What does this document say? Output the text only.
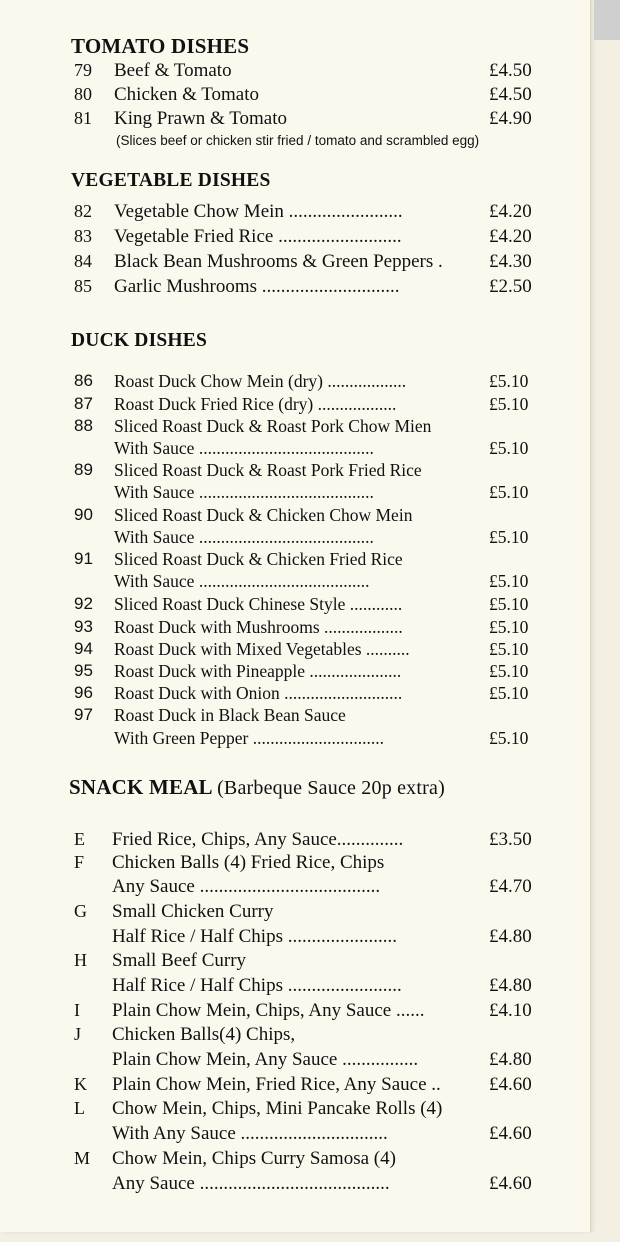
TOMATO DISHES
79 Beef & Tomato	£4.50
80 Chicken & Tomato	£4.50
81 King Prawn & Tomato	£4.90
(Slices beef or chicken stir fried / tomato and scrambled egg)
VEGETABLE DISHES
82 Vegetable Chow Mein ........................	£4.20
83 Vegetable Fried Rice ..........................	£4.20
84 Black Bean Mushrooms & Green Peppers . £4.30
85 Garlic Mushrooms .............................	£2.50
DUCK DISHES
86 Roast Duck Chow Mein (dry) ..................	£5.10
87 Roast Duck Fried Rice (dry) ..................	£5.10
88 Sliced Roast Duck & Roast Pork Chow Mien
With Sauce ........................................	£5.10
89 Sliced Roast Duck & Roast Pork Fried Rice
With Sauce ........................................	£5.10
90 Sliced Roast Duck & Chicken Chow Mein
With Sauce ........................................	£5.10
91 Sliced Roast Duck & Chicken Fried Rice
With Sauce .......................................	£5.10
92 Sliced Roast Duck Chinese Style ............	£5.10
93 Roast Duck with Mushrooms ..................	£5.10
94 Roast Duck with Mixed Vegetables ..........	£5.10
95 Roast Duck with Pineapple .....................	£5.10
96 Roast Duck with Onion ...........................	£5.10
97 Roast Duck in Black Bean Sauce
With Green Pepper ..............................	£5.10
SNACK MEAL (Barbeque Sauce 20p extra)
E Fried Rice, Chips, Any Sauce..............	£3.50
F Chicken Balls (4) Fried Rice, Chips
Any Sauce ......................................	£4.70
G Small Chicken Curry
Half Rice / Half Chips .......................	£4.80
H Small Beef Curry
Half Rice / Half Chips ........................	£4.80
I Plain Chow Mein, Chips, Any Sauce ......	£4.10
J Chicken Balls(4) Chips,
Plain Chow Mein, Any Sauce ................	£4.80
K Plain Chow Mein, Fried Rice, Any Sauce ..	£4.60
L Chow Mein, Chips, Mini Pancake Rolls (4)
With Any Sauce ...............................	£4.60
M Chow Mein, Chips Curry Samosa (4)
Any Sauce ........................................	£4.60
